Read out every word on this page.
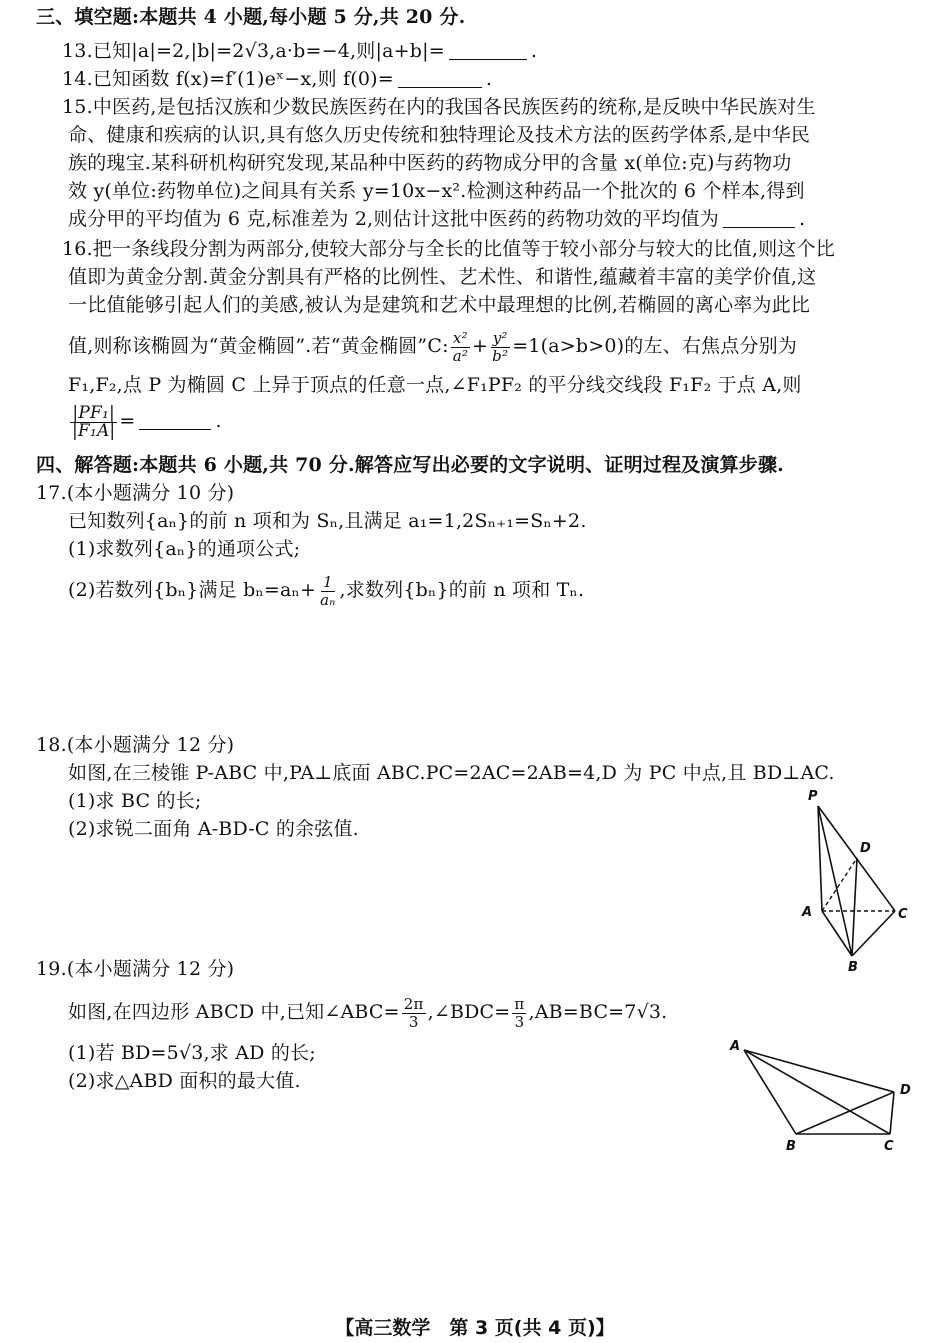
三、填空题:本题共 4 小题,每小题 5 分,共 20 分.
13.已知|a|=2,|b|=2√3,a·b=−4,则|a+b|=	.
14.已知函数 f(x)=f′(1)eˣ−x,则 f(0)=	.
15.中医药,是包括汉族和少数民族医药在内的我国各民族医药的统称,是反映中华民族对生
命、健康和疾病的认识,具有悠久历史传统和独特理论及技术方法的医药学体系,是中华民
族的瑰宝.某科研机构研究发现,某品种中医药的药物成分甲的含量 x(单位:克)与药物功
效 y(单位:药物单位)之间具有关系 y=10x−x².检测这种药品一个批次的 6 个样本,得到
成分甲的平均值为 6 克,标准差为 2,则估计这批中医药的药物功效的平均值为	.
16.把一条线段分割为两部分,使较大部分与全长的比值等于较小部分与较大的比值,则这个比
值即为黄金分割.黄金分割具有严格的比例性、艺术性、和谐性,蕴藏着丰富的美学价值,这
一比值能够引起人们的美感,被认为是建筑和艺术中最理想的比例,若椭圆的离心率为此比
值,则称该椭圆为“黄金椭圆”.若“黄金椭圆”C: $\frac{\text{x²}}{\text{a²}} + \frac{\text{y²}}{\text{b²}} =1(a>b>0)$的左、右焦点分别为
F₁,F₂,点 P 为椭圆 C 上异于顶点的任意一点,∠F₁PF₂ 的平分线交线段 F₁F₂ 于点 A,则
$\frac{\text{|PF₁|}}{\text{|F₁A|}}$ =	.
四、解答题:本题共 6 小题,共 70 分.解答应写出必要的文字说明、证明过程及演算步骤.
17.(本小题满分 10 分)
已知数列{aₙ}的前 n 项和为 Sₙ,且满足 a₁=1,2Sₙ₊₁=Sₙ+2.
(1)求数列{aₙ}的通项公式;
(2)若数列{bₙ}满足 $b_n=a_n+ \frac{1}{\text{aₙ}}$ ,求数列{bₙ}的前 n 项和 Tₙ.
18.(本小题满分 12 分)
如图,在三棱锥 P-ABC 中,PA⊥底面 ABC.PC=2AC=2AB=4,D 为 PC 中点,且 BD⊥AC.
(1)求 BC 的长;
(2)求锐二面角 A-BD-C 的余弦值.
P
D
A	C
B
19.(本小题满分 12 分)
如图,在四边形 ABCD 中,已知∠ABC= $\frac{2\pi}{3}$ ,∠BDC= $\frac{\pi}{3} ,AB=BC=7√3$.
(1)若 BD=5√3,求 AD 的长;
(2)求△ABD 面积的最大值.
A
D
B	C
【高三数学　第 3 页(共 4 页)】
